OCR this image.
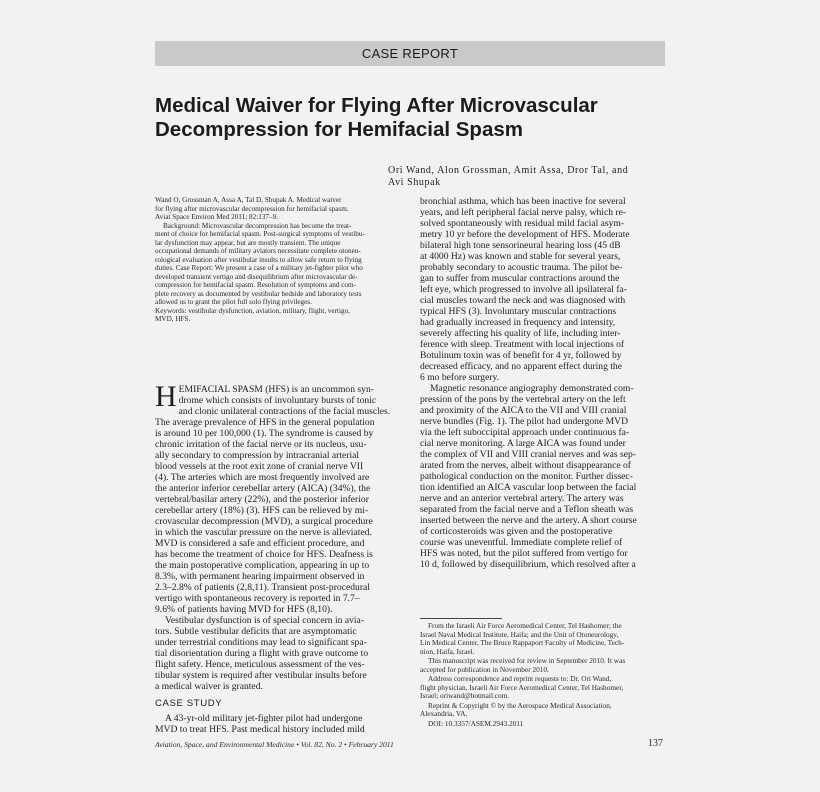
CASE REPORT
Medical Waiver for Flying After Microvascular
Decompression for Hemifacial Spasm
Ori Wand, Alon Grossman, Amit Assa, Dror Tal, and
Avi Shupak
Wand O, Grossman A, Assa A, Tal D, Shupak A. Medical waiver
for flying after microvascular decompression for hemifacial spasm.
Aviat Space Environ Med 2011; 82:137–9.
Background: Microvascular decompression has become the treat-
ment of choice for hemifacial spasm. Post-surgical symptoms of vestibu-
lar dysfunction may appear, but are mostly transient. The unique
occupational demands of military aviators necessitate complete otoneu-
rological evaluation after vestibular insults to allow safe return to flying
duties. Case Report: We present a case of a military jet-fighter pilot who
developed transient vertigo and disequilibrium after microvascular de-
compression for hemifacial spasm. Resolution of symptoms and com-
plete recovery as documented by vestibular bedside and laboratory tests
allowed us to grant the pilot full solo flying privileges.
Keywords: vestibular dysfunction, aviation, military, flight, vertigo,
MVD, HFS.
H EMIFACIAL SPASM (HFS) is an uncommon syn-
drome which consists of involuntary bursts of tonic
and clonic unilateral contractions of the facial muscles.
The average prevalence of HFS in the general population
is around 10 per 100,000 (1). The syndrome is caused by
chronic irritation of the facial nerve or its nucleus, usu-
ally secondary to compression by intracranial arterial
blood vessels at the root exit zone of cranial nerve VII
(4). The arteries which are most frequently involved are
the anterior inferior cerebellar artery (AICA) (34%), the
vertebral/basilar artery (22%), and the posterior inferior
cerebellar artery (18%) (3). HFS can be relieved by mi-
crovascular decompression (MVD), a surgical procedure
in which the vascular pressure on the nerve is alleviated.
MVD is considered a safe and efficient procedure, and
has become the treatment of choice for HFS. Deafness is
the main postoperative complication, appearing in up to
8.3%, with permanent hearing impairment observed in
2.3–2.8% of patients (2,8,11). Transient post-procedural
vertigo with spontaneous recovery is reported in 7.7–
9.6% of patients having MVD for HFS (8,10).
Vestibular dysfunction is of special concern in avia-
tors. Subtle vestibular deficits that are asymptomatic
under terrestrial conditions may lead to significant spa-
tial disorientation during a flight with grave outcome to
flight safety. Hence, meticulous assessment of the ves-
tibular system is required after vestibular insults before
a medical waiver is granted.
CASE STUDY
A 43-yr-old military jet-fighter pilot had undergone
MVD to treat HFS. Past medical history included mild
bronchial asthma, which has been inactive for several
years, and left peripheral facial nerve palsy, which re-
solved spontaneously with residual mild facial asym-
metry 10 yr before the development of HFS. Moderate
bilateral high tone sensorineural hearing loss (45 dB
at 4000 Hz) was known and stable for several years,
probably secondary to acoustic trauma. The pilot be-
gan to suffer from muscular contractions around the
left eye, which progressed to involve all ipsilateral fa-
cial muscles toward the neck and was diagnosed with
typical HFS (3). Involuntary muscular contractions
had gradually increased in frequency and intensity,
severely affecting his quality of life, including inter-
ference with sleep. Treatment with local injections of
Botulinum toxin was of benefit for 4 yr, followed by
decreased efficacy, and no apparent effect during the
6 mo before surgery.
Magnetic resonance angiography demonstrated com-
pression of the pons by the vertebral artery on the left
and proximity of the AICA to the VII and VIII cranial
nerve bundles (Fig. 1). The pilot had undergone MVD
via the left suboccipital approach under continuous fa-
cial nerve monitoring. A large AICA was found under
the complex of VII and VIII cranial nerves and was sep-
arated from the nerves, albeit without disappearance of
pathological conduction on the monitor. Further dissec-
tion identified an AICA vascular loop between the facial
nerve and an anterior vertebral artery. The artery was
separated from the facial nerve and a Teflon sheath was
inserted between the nerve and the artery. A short course
of corticosteroids was given and the postoperative
course was uneventful. Immediate complete relief of
HFS was noted, but the pilot suffered from vertigo for
10 d, followed by disequilibrium, which resolved after a
From the Israeli Air Force Aeromedical Center, Tel Hashomer; the
Israel Naval Medical Institute, Haifa; and the Unit of Otoneurology,
Lin Medical Center, The Bruce Rappaport Faculty of Medicine, Tech-
nion, Haifa, Israel.
This manuscript was received for review in September 2010. It was
accepted for publication in November 2010.
Address correspondence and reprint requests to: Dr. Ori Wand,
flight physician, Israeli Air Force Aeromedical Center, Tel Hashomer,
Israel; oriwand@hotmail.com.
Reprint & Copyright © by the Aerospace Medical Association,
Alexandria, VA.
DOI: 10.3357/ASEM.2943.2011
Aviation, Space, and Environmental Medicine • Vol. 82, No. 2 • February 2011	137
